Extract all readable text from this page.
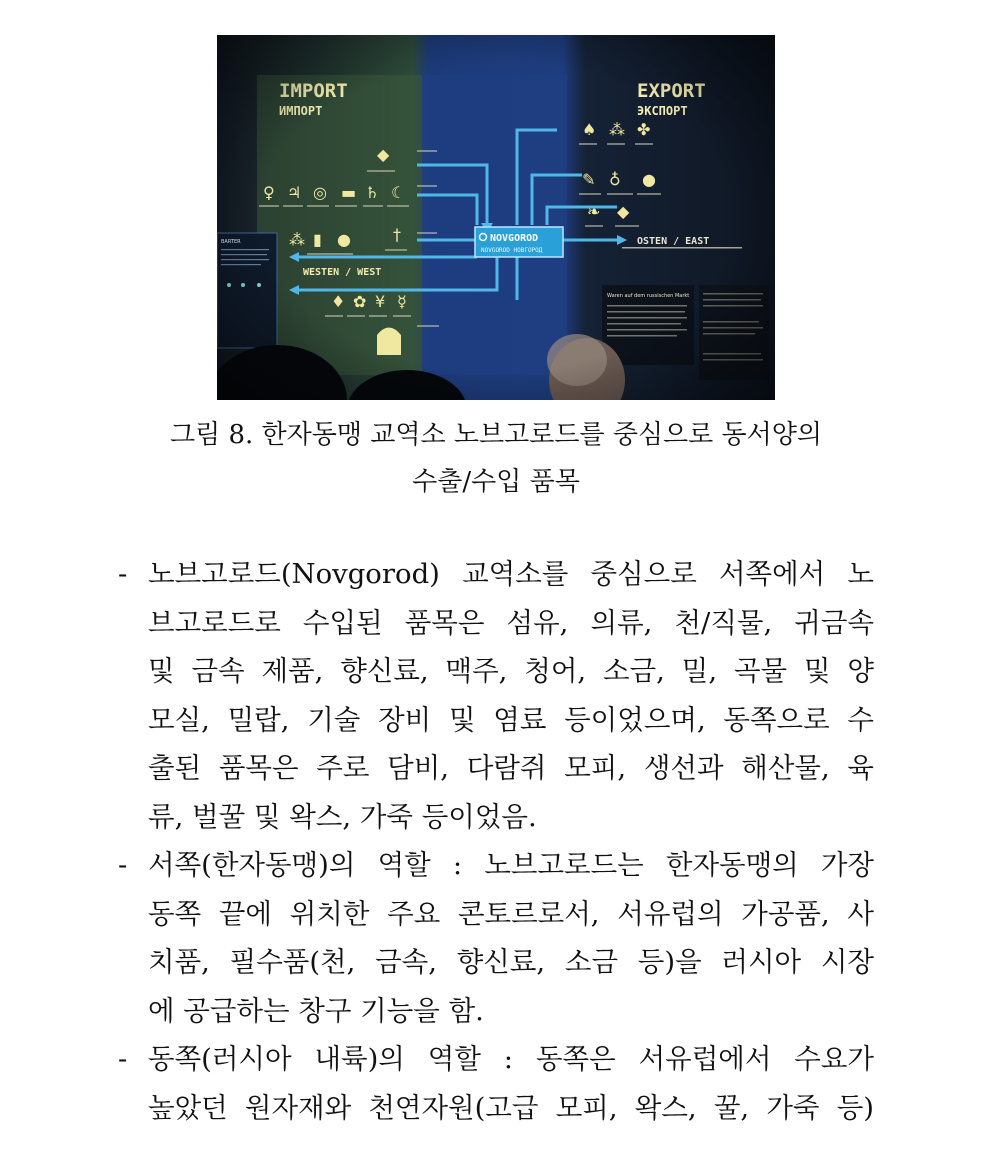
그림 8. 한자동맹 교역소 노브고로드를 중심으로 동서양의
수출/수입 품목
- 노브고로드(Novgorod) 교역소를 중심으로 서쪽에서 노
브고로드로 수입된 품목은 섬유, 의류, 천/직물, 귀금속
및 금속 제품, 향신료, 맥주, 청어, 소금, 밀, 곡물 및 양
모실, 밀랍, 기술 장비 및 염료 등이었으며, 동쪽으로 수
출된 품목은 주로 담비, 다람쥐 모피, 생선과 해산물, 육
류, 벌꿀 및 왁스, 가죽 등이었음.
- 서쪽(한자동맹)의 역할 : 노브고로드는 한자동맹의 가장
동쪽 끝에 위치한 주요 콘토르로서, 서유럽의 가공품, 사
치품, 필수품(천, 금속, 향신료, 소금 등)을 러시아 시장
에 공급하는 창구 기능을 함.
- 동쪽(러시아 내륙)의 역할 : 동쪽은 서유럽에서 수요가
높았던 원자재와 천연자원(고급 모피, 왁스, 꿀, 가죽 등)
